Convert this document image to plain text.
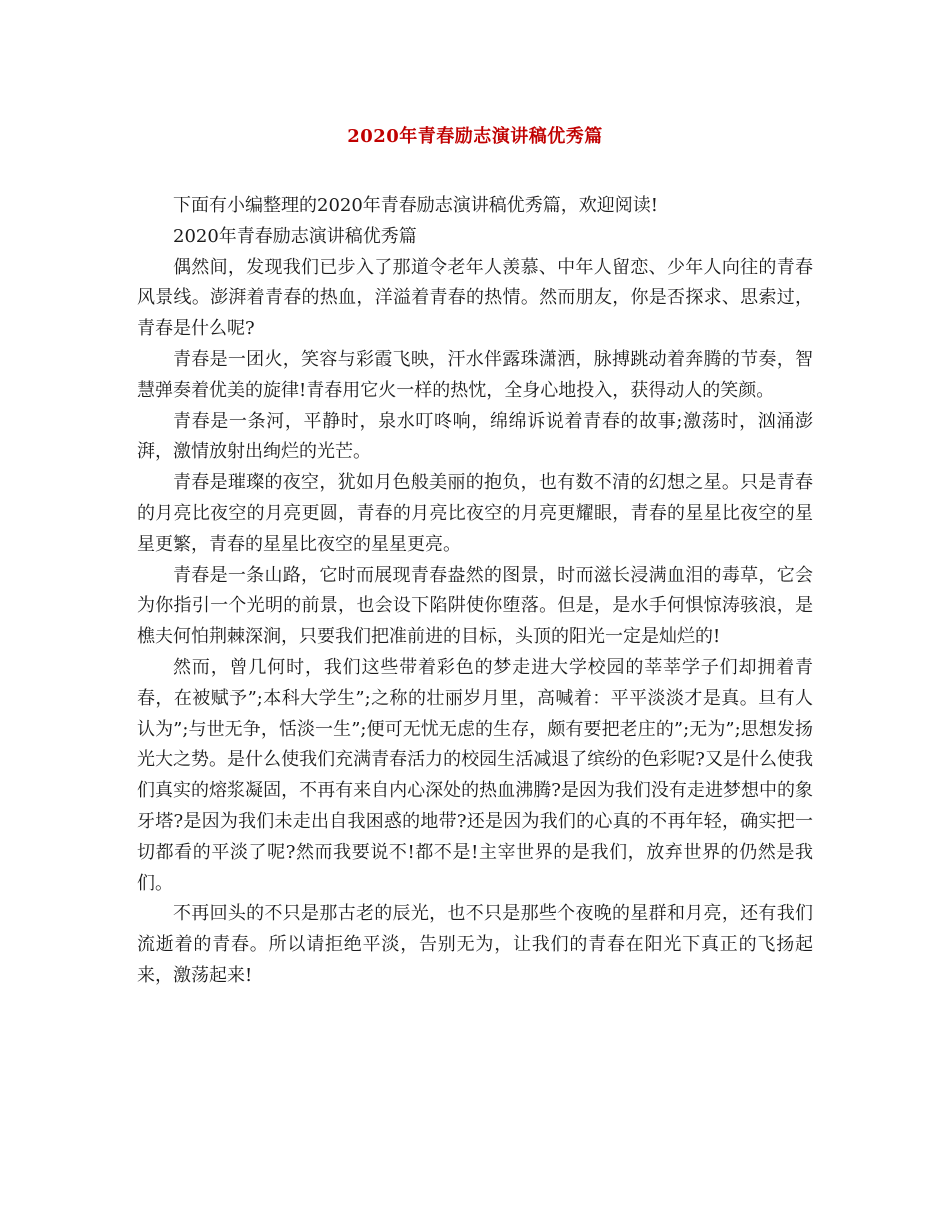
2020年青春励志演讲稿优秀篇

下面有小编整理的2020年青春励志演讲稿优秀篇，欢迎阅读!

2020年青春励志演讲稿优秀篇

偶然间，发现我们已步入了那道令老年人羡慕、中年人留恋、少年人向往的青春风景线。澎湃着青春的热血，洋溢着青春的热情。然而朋友，你是否探求、思索过，青春是什么呢?

青春是一团火，笑容与彩霞飞映，汗水伴露珠潇洒，脉搏跳动着奔腾的节奏，智慧弹奏着优美的旋律!青春用它火一样的热忱，全身心地投入，获得动人的笑颜。

青春是一条河，平静时，泉水叮咚响，绵绵诉说着青春的故事;激荡时，汹涌澎湃，激情放射出绚烂的光芒。

青春是璀璨的夜空，犹如月色般美丽的抱负，也有数不清的幻想之星。只是青春的月亮比夜空的月亮更圆，青春的月亮比夜空的月亮更耀眼，青春的星星比夜空的星星更繁，青春的星星比夜空的星星更亮。

青春是一条山路，它时而展现青春盎然的图景，时而滋长浸满血泪的毒草，它会为你指引一个光明的前景，也会设下陷阱使你堕落。但是，是水手何惧惊涛骇浪，是樵夫何怕荆棘深涧，只要我们把准前进的目标，头顶的阳光一定是灿烂的!

然而，曾几何时，我们这些带着彩色的梦走进大学校园的莘莘学子们却拥着青春，在被赋予”;本科大学生”;之称的壮丽岁月里，高喊着：平平淡淡才是真。旦有人认为”;与世无争，恬淡一生”;便可无忧无虑的生存，颇有要把老庄的”;无为”;思想发扬光大之势。是什么使我们充满青春活力的校园生活减退了缤纷的色彩呢?又是什么使我们真实的熔浆凝固，不再有来自内心深处的热血沸腾?是因为我们没有走进梦想中的象牙塔?是因为我们未走出自我困惑的地带?还是因为我们的心真的不再年轻，确实把一切都看的平淡了呢?然而我要说不!都不是!主宰世界的是我们，放弃世界的仍然是我们。

不再回头的不只是那古老的辰光，也不只是那些个夜晚的星群和月亮，还有我们流逝着的青春。所以请拒绝平淡，告别无为，让我们的青春在阳光下真正的飞扬起来，激荡起来!
